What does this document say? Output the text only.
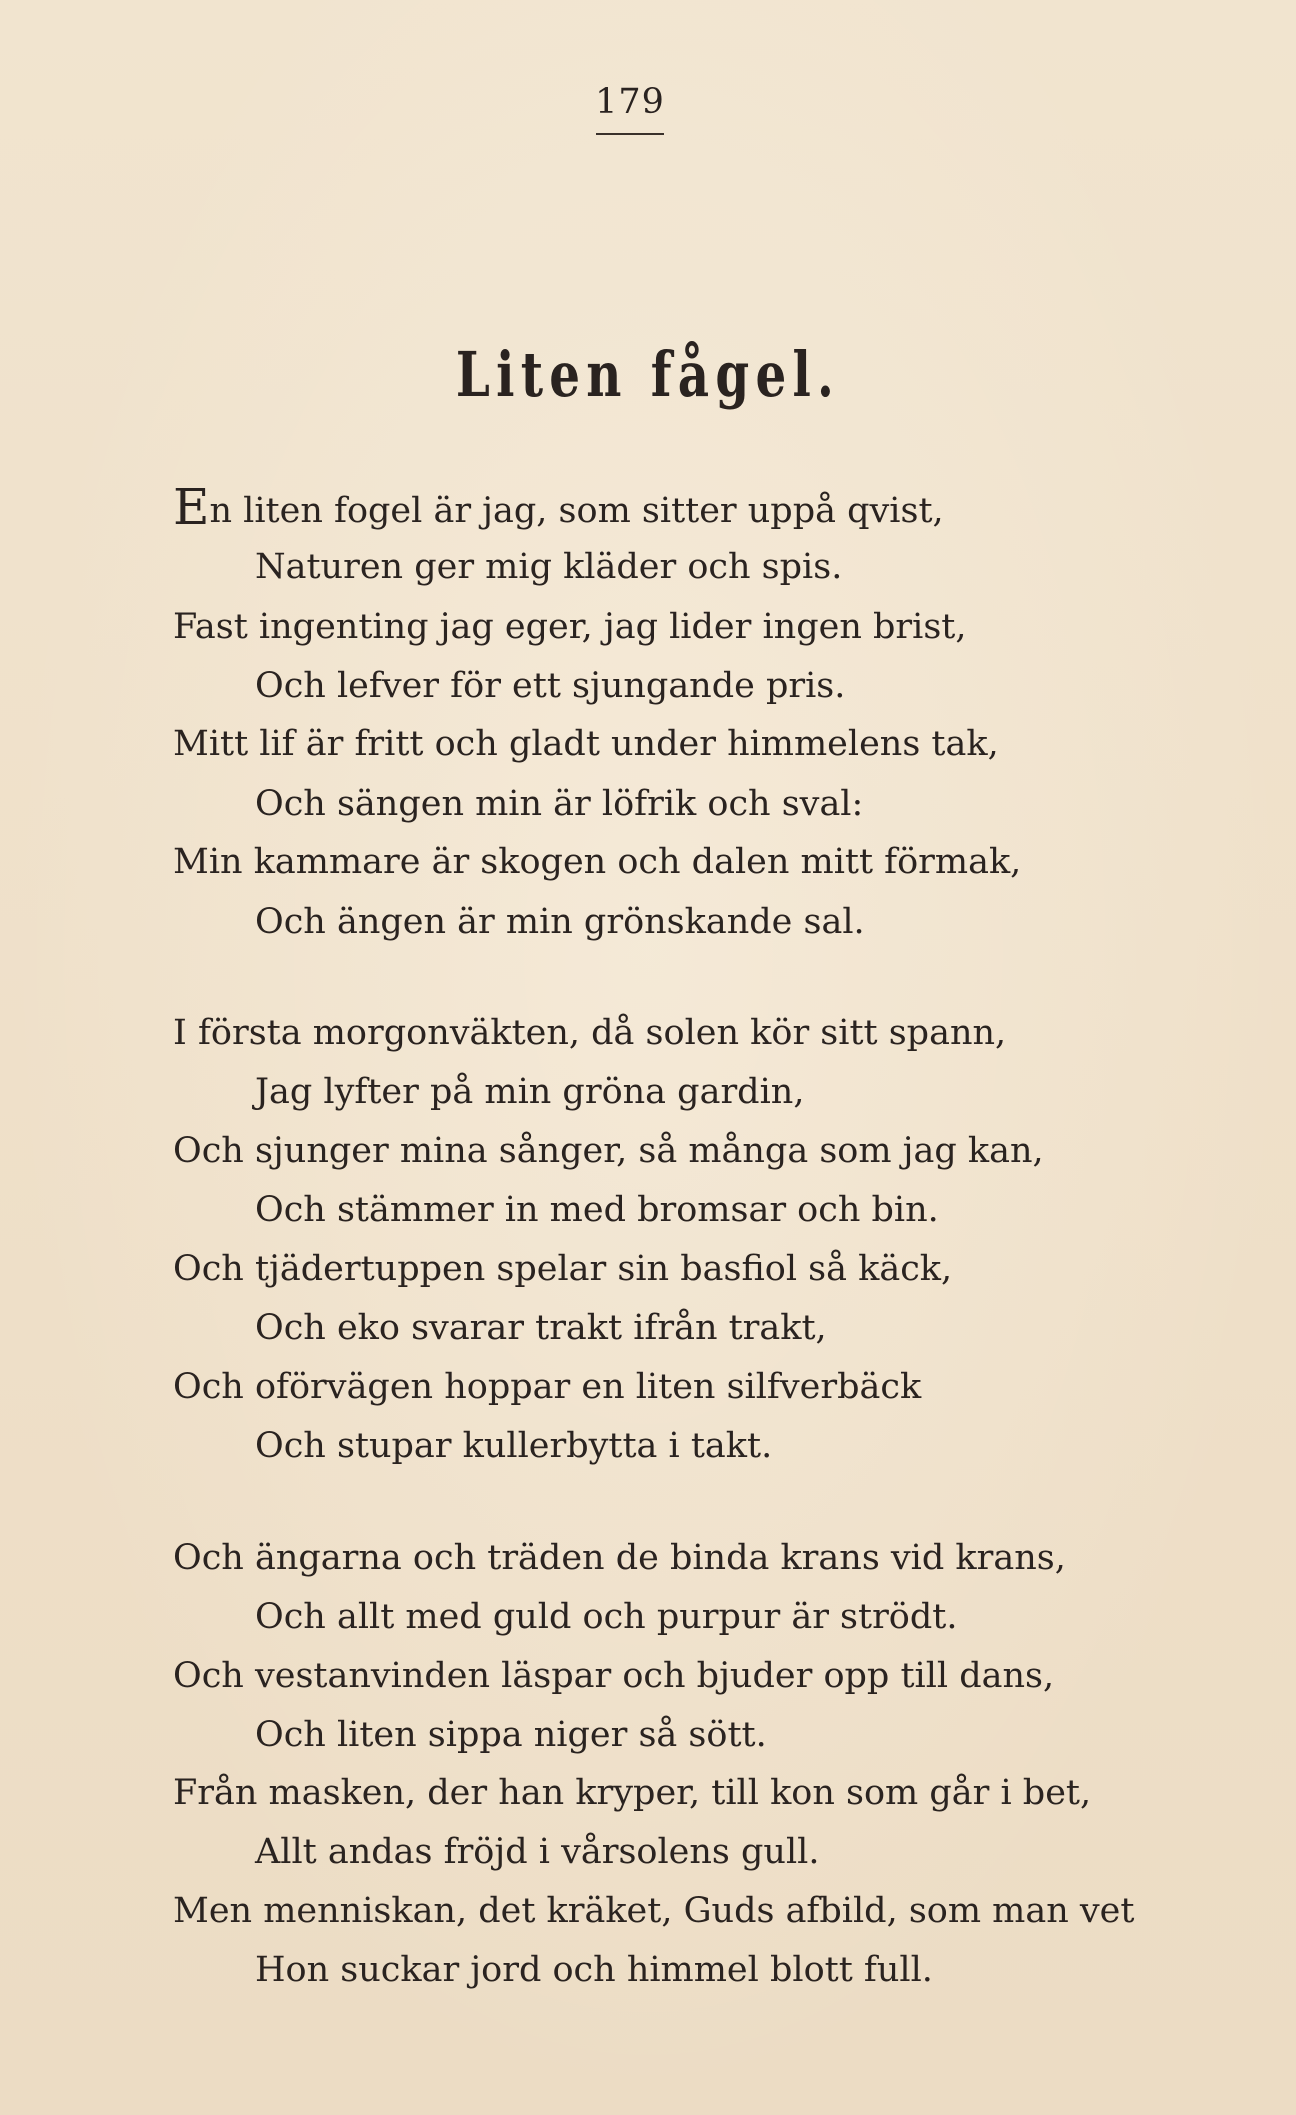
179
Liten fågel.
En liten fogel är jag, som sitter uppå qvist,
Naturen ger mig kläder och spis.
Fast ingenting jag eger, jag lider ingen brist,
Och lefver för ett sjungande pris.
Mitt lif är fritt och gladt under himmelens tak,
Och sängen min är löfrik och sval:
Min kammare är skogen och dalen mitt förmak,
Och ängen är min grönskande sal.
I första morgonväkten, då solen kör sitt spann,
Jag lyfter på min gröna gardin,
Och sjunger mina sånger, så många som jag kan,
Och stämmer in med bromsar och bin.
Och tjädertuppen spelar sin basfiol så käck,
Och eko svarar trakt ifrån trakt,
Och oförvägen hoppar en liten silfverbäck
Och stupar kullerbytta i takt.
Och ängarna och träden de binda krans vid krans,
Och allt med guld och purpur är strödt.
Och vestanvinden läspar och bjuder opp till dans,
Och liten sippa niger så sött.
Från masken, der han kryper, till kon som går i bet,
Allt andas fröjd i vårsolens gull.
Men menniskan, det kräket, Guds afbild, som man vet
Hon suckar jord och himmel blott full.
